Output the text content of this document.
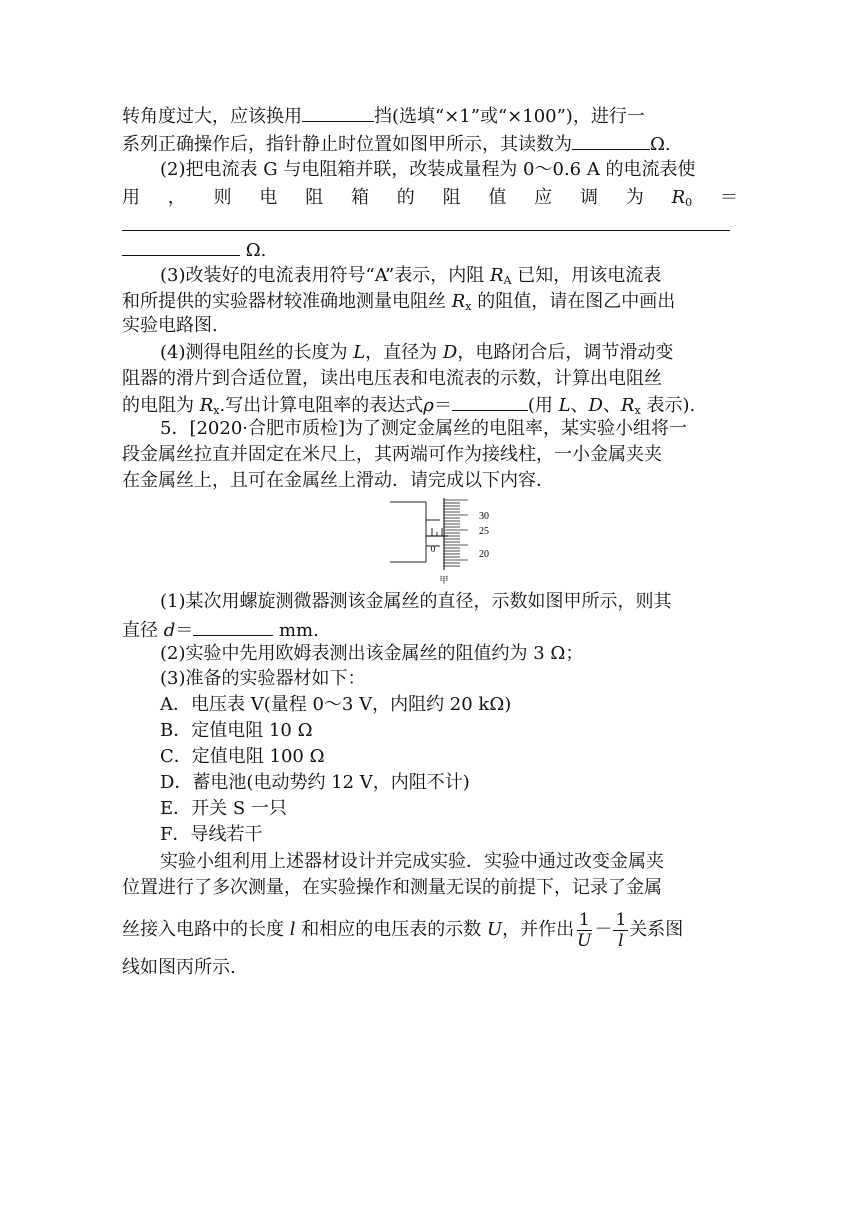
转角度过大，应该换用	挡(选填“×1”或“×100”)，进行一
系列正确操作后，指针静止时位置如图甲所示，其读数为	Ω.
(2)把电流表 G 与电阻箱并联，改装成量程为 0～0.6 A 的电流表使
用 ， 则 电 阻 箱 的 阻 值 应 调 为 $R_0$ ＝
Ω.
(3)改装好的电流表用符号“A”表示，内阻 $R_A$ 已知，用该电流表
和所提供的实验器材较准确地测量电阻丝 $R_x$ 的阻值，请在图乙中画出
实验电路图.
(4)测得电阻丝的长度为 L，直径为 D，电路闭合后，调节滑动变
阻器的滑片到合适位置，读出电压表和电流表的示数，计算出电阻丝
的电阻为 $R_x$.写出计算电阻率的表达式ρ＝	(用 L、D、$R_x$ 表示).
5．[2020·合肥市质检]为了测定金属丝的电阻率，某实验小组将一
段金属丝拉直并固定在米尺上，其两端可作为接线柱，一小金属夹夹
在金属丝上，且可在金属丝上滑动．请完成以下内容．
0
30
25
20
甲
(1)某次用螺旋测微器测该金属丝的直径，示数如图甲所示，则其
直径 d＝	mm.
(2)实验中先用欧姆表测出该金属丝的阻值约为 3 Ω；
(3)准备的实验器材如下：
A．电压表 V(量程 0～3 V，内阻约 20 kΩ)
B．定值电阻 10 Ω
C．定值电阻 100 Ω
D．蓄电池(电动势约 12 V，内阻不计)
E．开关 S 一只
F．导线若干
实验小组利用上述器材设计并完成实验．实验中通过改变金属夹
位置进行了多次测量，在实验操作和测量无误的前提下，记录了金属
丝接入电路中的长度 l 和相应的电压表的示数 U，并作出 $\frac{1}{U} - \frac{1}{l}$ 关系图
线如图丙所示.
